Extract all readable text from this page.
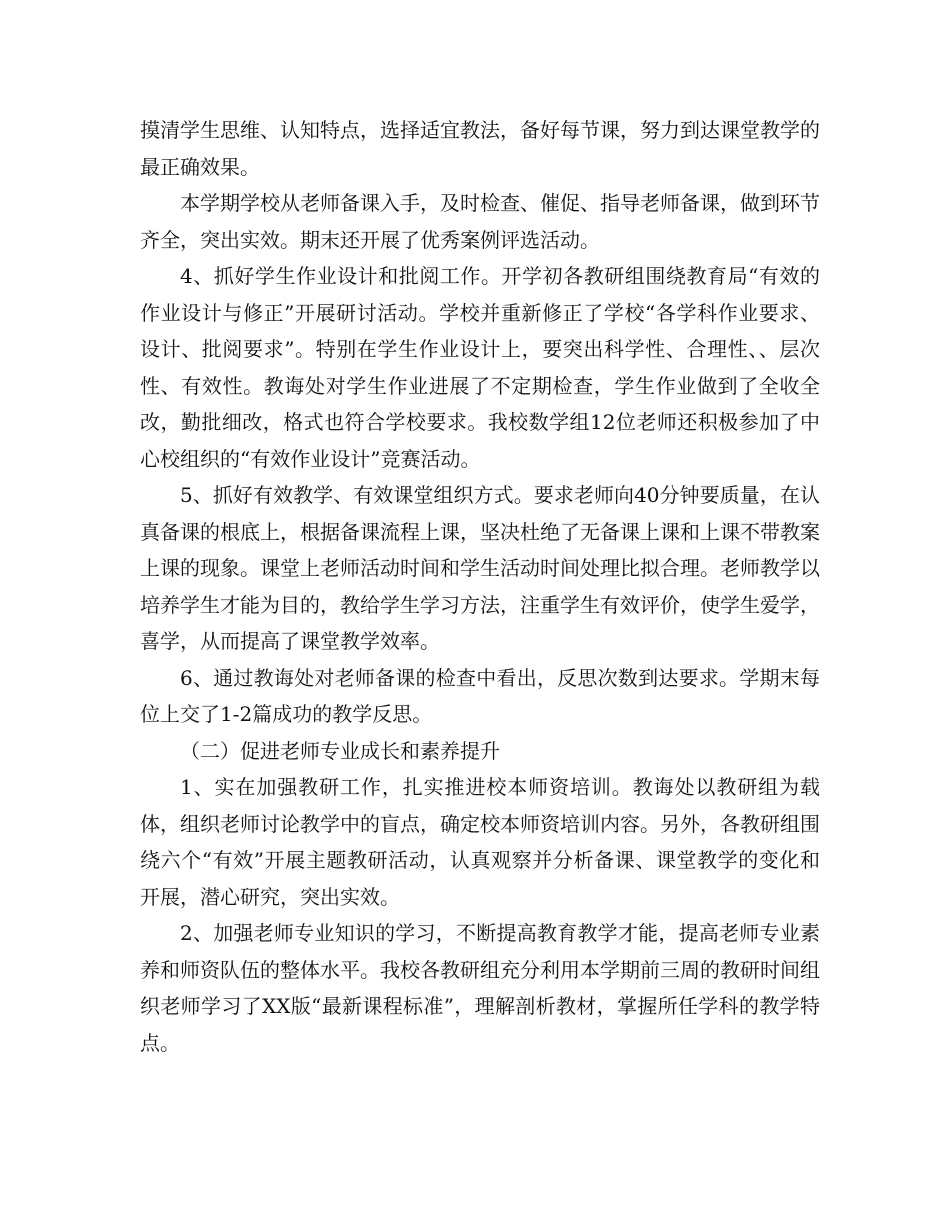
摸清学生思维、认知特点，选择适宜教法，备好每节课，努力到达课堂教学的最正确效果。

本学期学校从老师备课入手，及时检查、催促、指导老师备课，做到环节齐全，突出实效。期末还开展了优秀案例评选活动。

4、抓好学生作业设计和批阅工作。开学初各教研组围绕教育局“有效的作业设计与修正”开展研讨活动。学校并重新修正了学校“各学科作业要求、设计、批阅要求”。特别在学生作业设计上，要突出科学性、合理性、、层次性、有效性。教诲处对学生作业进展了不定期检查，学生作业做到了全收全改，勤批细改，格式也符合学校要求。我校数学组12位老师还积极参加了中心校组织的“有效作业设计”竞赛活动。

5、抓好有效教学、有效课堂组织方式。要求老师向40分钟要质量，在认真备课的根底上，根据备课流程上课，坚决杜绝了无备课上课和上课不带教案上课的现象。课堂上老师活动时间和学生活动时间处理比拟合理。老师教学以培养学生才能为目的，教给学生学习方法，注重学生有效评价，使学生爱学，喜学，从而提高了课堂教学效率。

6、通过教诲处对老师备课的检查中看出，反思次数到达要求。学期末每位上交了1-2篇成功的教学反思。

（二）促进老师专业成长和素养提升

1、实在加强教研工作，扎实推进校本师资培训。教诲处以教研组为载体，组织老师讨论教学中的盲点，确定校本师资培训内容。另外，各教研组围绕六个“有效”开展主题教研活动，认真观察并分析备课、课堂教学的变化和开展，潜心研究，突出实效。

2、加强老师专业知识的学习，不断提高教育教学才能，提高老师专业素养和师资队伍的整体水平。我校各教研组充分利用本学期前三周的教研时间组织老师学习了XX版“最新课程标准”，理解剖析教材，掌握所任学科的教学特点。
